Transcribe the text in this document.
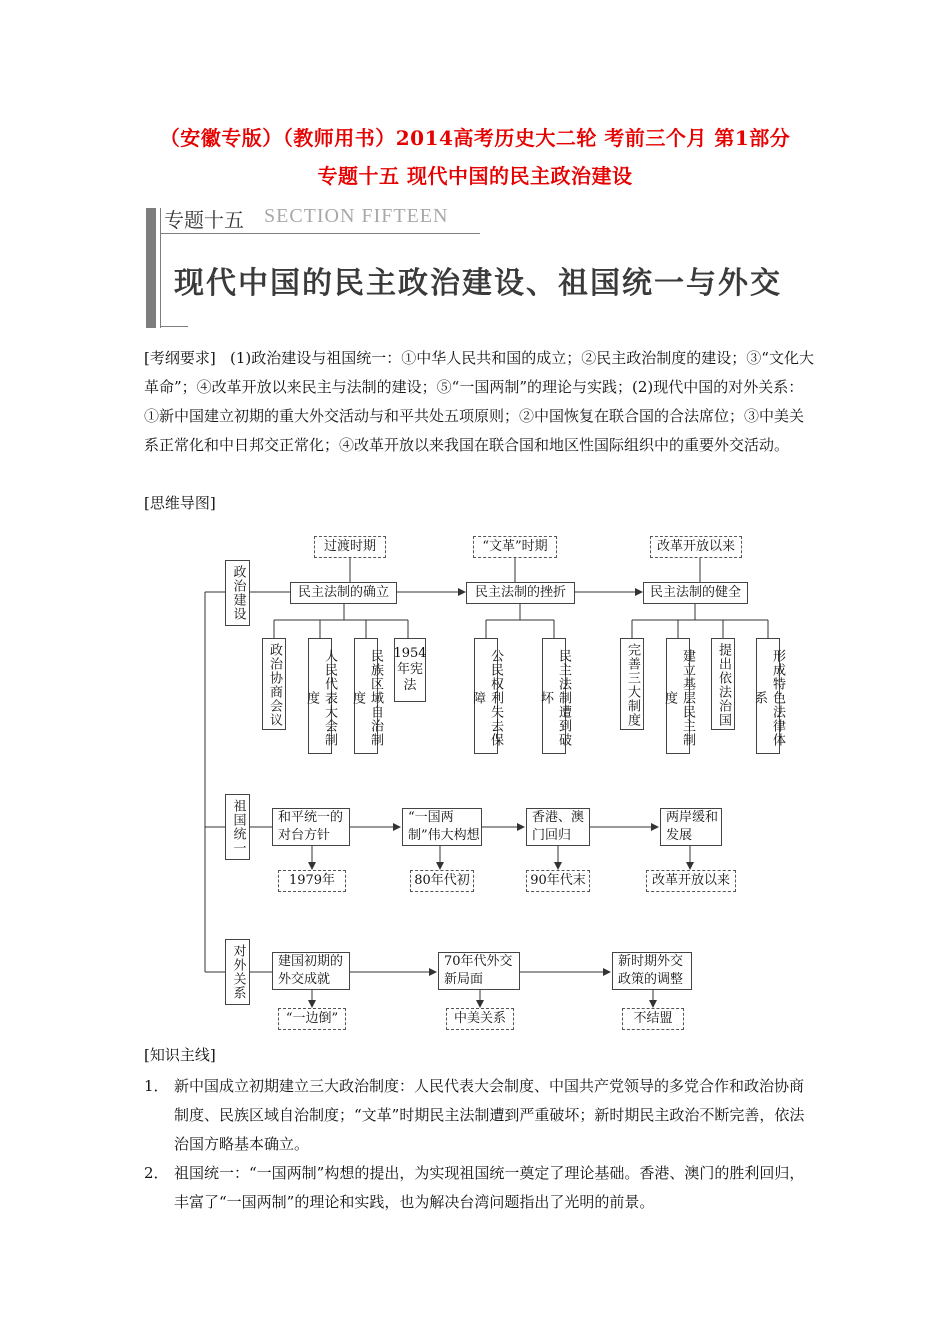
（安徽专版）（教师用书）2014高考历史大二轮 考前三个月 第1部分
专题十五 现代中国的民主政治建设
专题十五 SECTION FIFTEEN
现代中国的民主政治建设、祖国统一与外交
[考纲要求] (1)政治建设与祖国统一：①中华人民共和国的成立；②民主政治制度的建设；③“文化大革命”；④改革开放以来民主与法制的建设；⑤“一国两制”的理论与实践；(2)现代中国的对外关系：①新中国建立初期的重大外交活动与和平共处五项原则；②中国恢复在联合国的合法席位；③中美关系正常化和中日邦交正常化；④改革开放以来我国在联合国和地区性国际组织中的重要外交活动。
[思维导图]
过渡时期	“文革”时期	改革开放以来
政治建设
祖国统一
对外关系
民主法制的确立	民主法制的挫折	民主法制的健全
政治协商会议	人民代表大会制度	民族区域自治制度
1954年宪法	公民权利失去保障	民主法制遭到破坏	完善三大制度	建立基层民主制度	提出依法治国	形成特色法律体系
和平统一的对台方针
“一国两制”伟大构想
香港、澳门回归
两岸缓和发展
1979年	80年代初	90年代末	改革开放以来
建国初期的外交成就
70年代外交新局面
新时期外交政策的调整
“一边倒”	中美关系	不结盟
[知识主线]
1． 新中国成立初期建立三大政治制度：人民代表大会制度、中国共产党领导的多党合作和政治协商制度、民族区域自治制度；“文革”时期民主法制遭到严重破坏；新时期民主政治不断完善，依法治国方略基本确立。
2． 祖国统一：“一国两制”构想的提出，为实现祖国统一奠定了理论基础。香港、澳门的胜利回归，丰富了“一国两制”的理论和实践，也为解决台湾问题指出了光明的前景。
